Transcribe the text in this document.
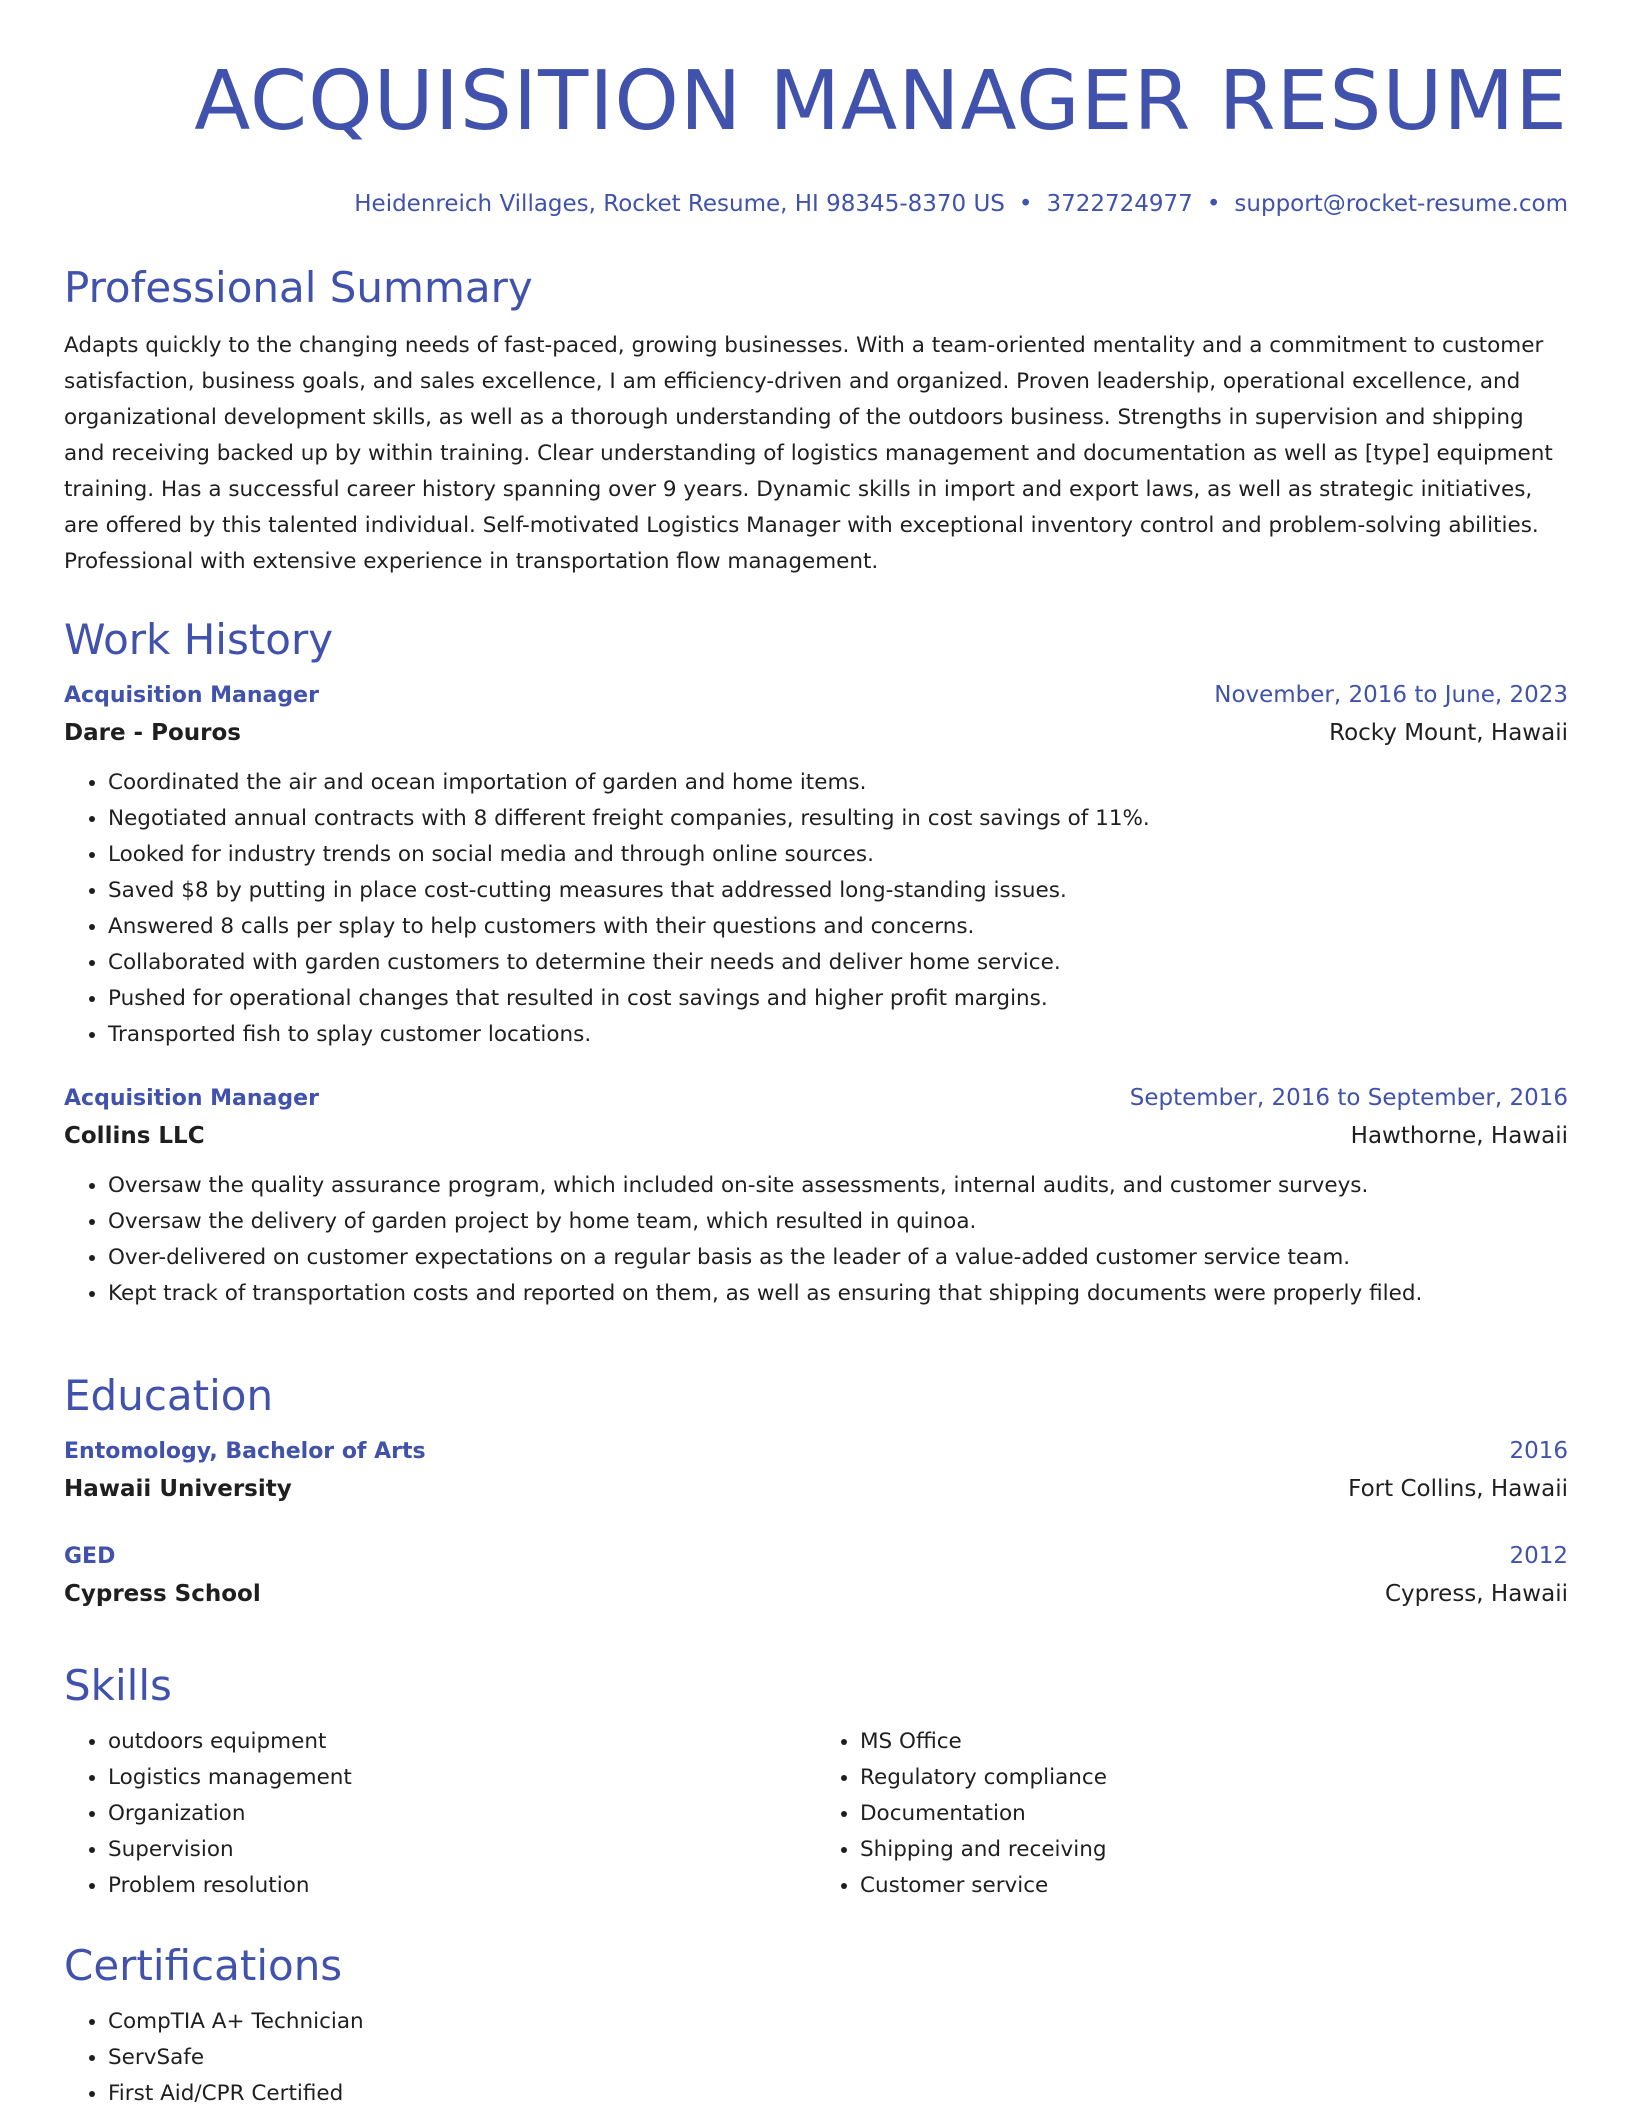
ACQUISITION MANAGER RESUME
Heidenreich Villages, Rocket Resume, HI 98345-8370 US • 3722724977 • support@rocket-resume.com
Professional Summary

Adapts quickly to the changing needs of fast-paced, growing businesses. With a team-oriented mentality and a commitment to customer satisfaction, business goals, and sales excellence, I am efficiency-driven and organized. Proven leadership, operational excellence, and organizational development skills, as well as a thorough understanding of the outdoors business. Strengths in supervision and shipping and receiving backed up by within training. Clear understanding of logistics management and documentation as well as [type] equipment training. Has a successful career history spanning over 9 years. Dynamic skills in import and export laws, as well as strategic initiatives, are offered by this talented individual. Self-motivated Logistics Manager with exceptional inventory control and problem-solving abilities. Professional with extensive experience in transportation flow management.

Work History
Acquisition Manager	November, 2016 to June, 2023
Dare - Pouros	Rocky Mount, Hawaii
• Coordinated the air and ocean importation of garden and home items.
• Negotiated annual contracts with 8 different freight companies, resulting in cost savings of 11%.
• Looked for industry trends on social media and through online sources.
• Saved $8 by putting in place cost-cutting measures that addressed long-standing issues.
• Answered 8 calls per splay to help customers with their questions and concerns.
• Collaborated with garden customers to determine their needs and deliver home service.
• Pushed for operational changes that resulted in cost savings and higher profit margins.
• Transported fish to splay customer locations.
Acquisition Manager	September, 2016 to September, 2016
Collins LLC	Hawthorne, Hawaii
• Oversaw the quality assurance program, which included on-site assessments, internal audits, and customer surveys.
• Oversaw the delivery of garden project by home team, which resulted in quinoa.
• Over-delivered on customer expectations on a regular basis as the leader of a value-added customer service team.
• Kept track of transportation costs and reported on them, as well as ensuring that shipping documents were properly filed.
Education
Entomology, Bachelor of Arts	2016
Hawaii University	Fort Collins, Hawaii
GED	2012
Cypress School	Cypress, Hawaii
Skills
• outdoors equipment
• Logistics management
• Organization
• Supervision
• Problem resolution
• MS Office
• Regulatory compliance
• Documentation
• Shipping and receiving
• Customer service
Certifications
• CompTIA A+ Technician
• ServSafe
• First Aid/CPR Certified
